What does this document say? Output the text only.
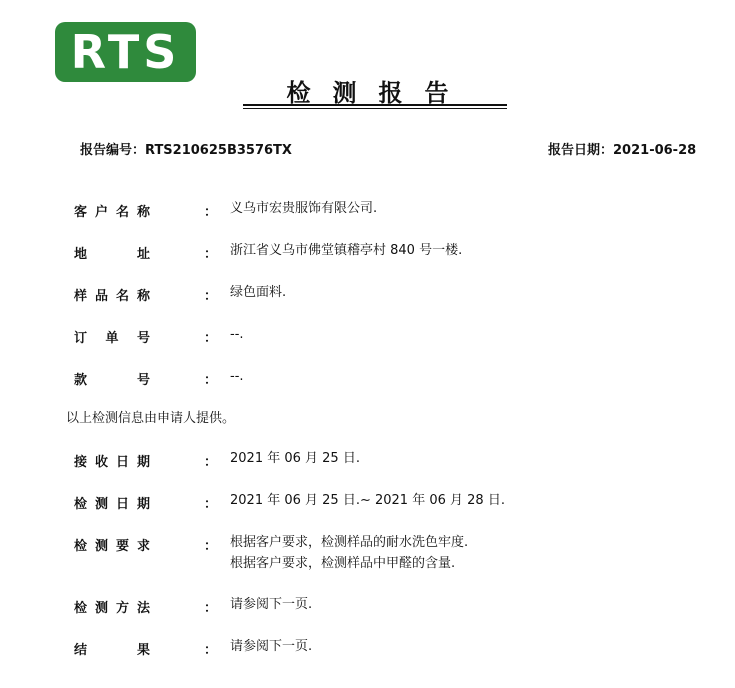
RTS
检测报告
报告编号：RTS210625B3576TX	报告日期：2021-06-28
客 户 名 称	： 义乌市宏贵服饰有限公司.
地	址	： 浙江省义乌市佛堂镇稽亭村 840 号一楼.
样 品 名 称	： 绿色面料.
订 单 号	： --.
款	号	： --.
以上检测信息由申请人提供。
接 收 日 期	： 2021 年 06 月 25 日.
检 测 日 期	： 2021 年 06 月 25 日.~ 2021 年 06 月 28 日.
检 测 要 求	： 根据客户要求，检测样品的耐水洗色牢度.
根据客户要求，检测样品中甲醛的含量.
检 测 方 法	： 请参阅下一页.
结	果	： 请参阅下一页.
